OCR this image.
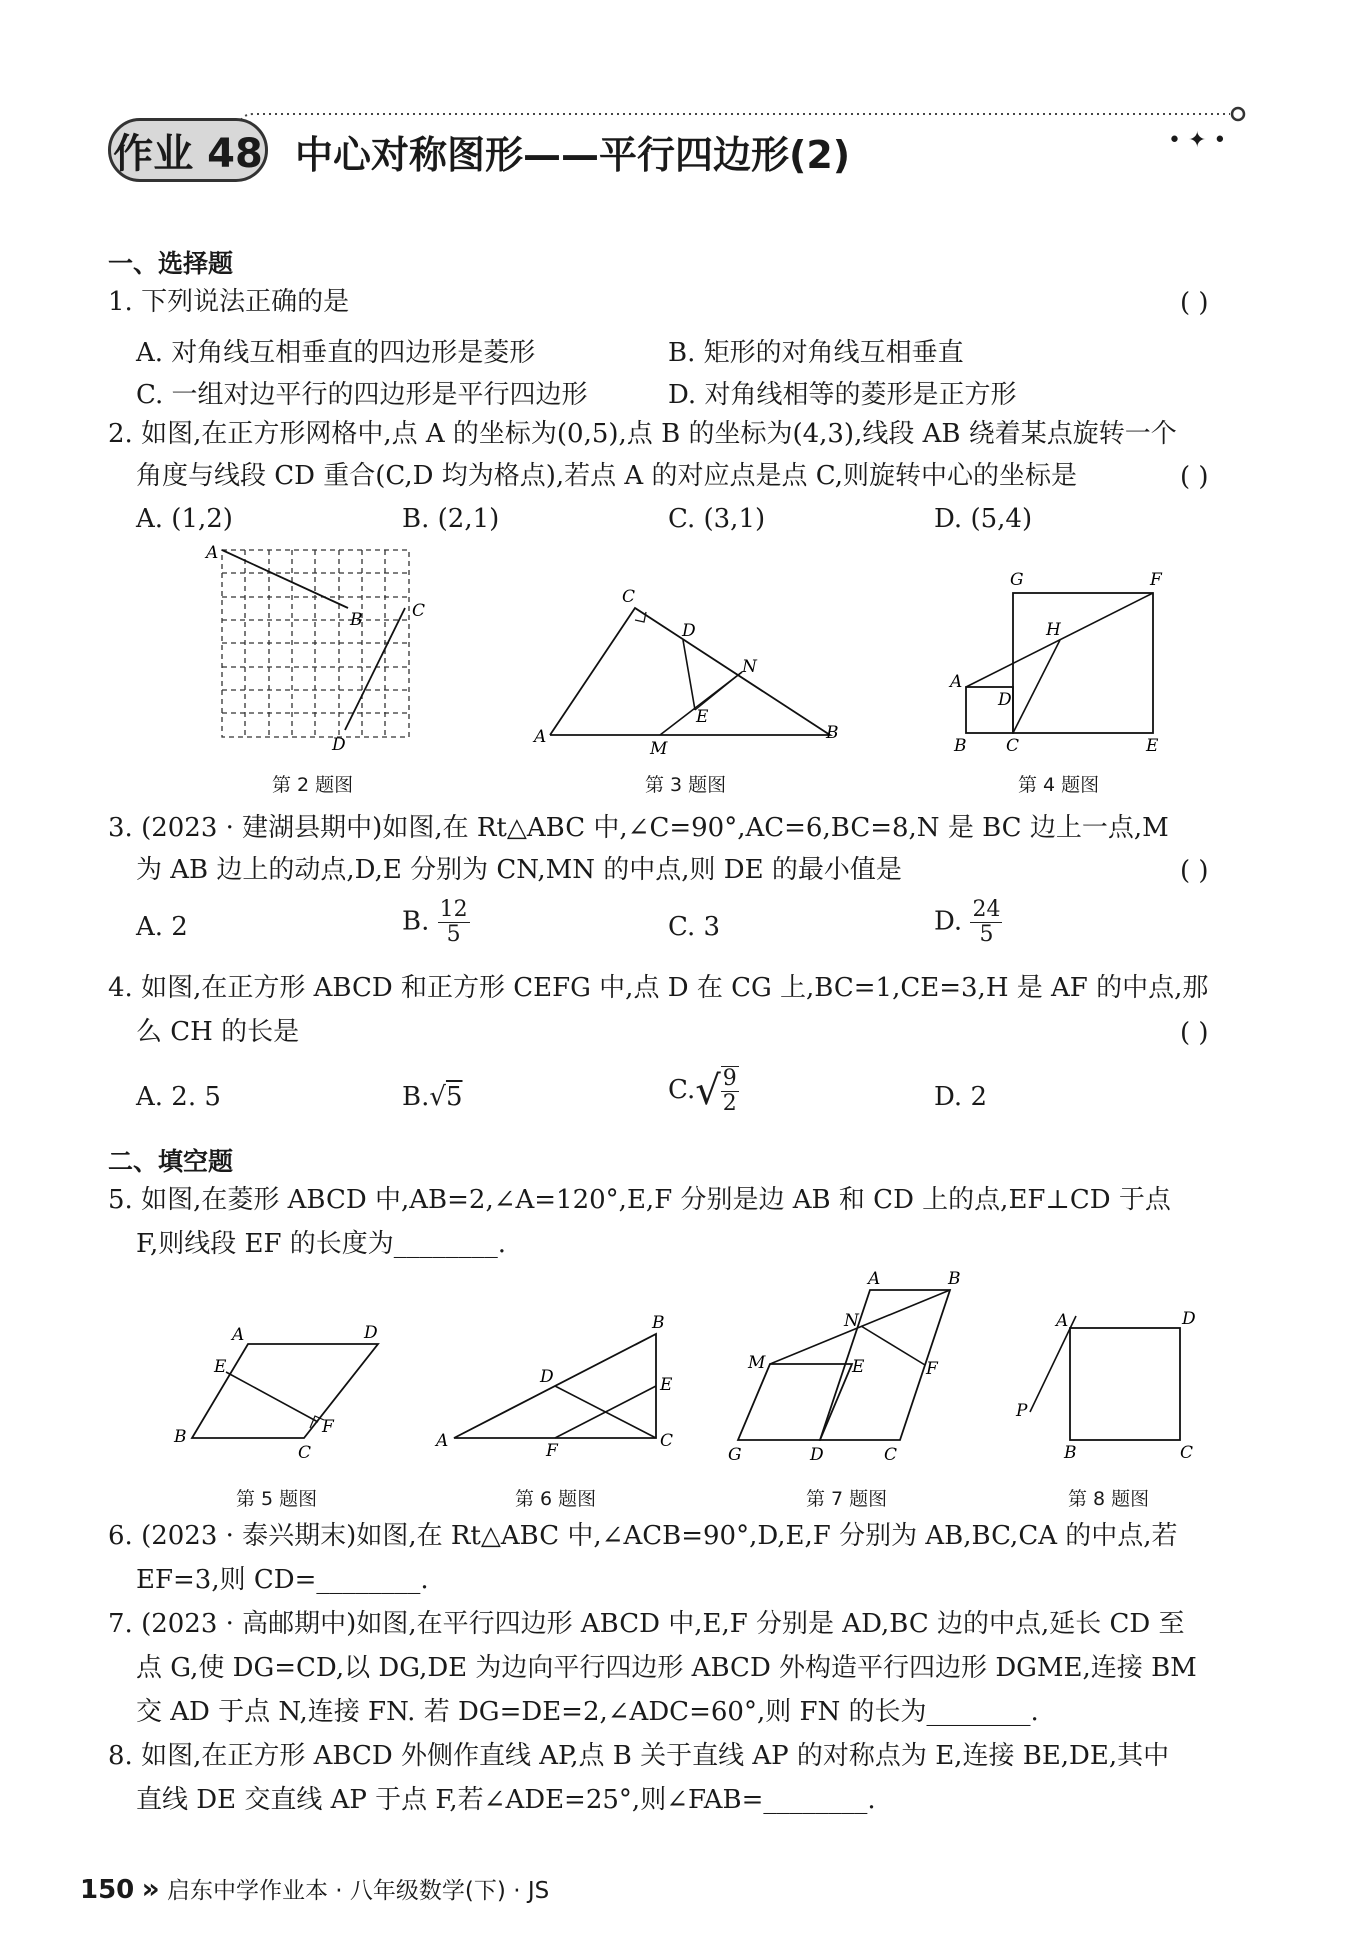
• ✦ •
作业 48 中心对称图形——平行四边形(2)
一、选择题
1. 下列说法正确的是	( )
A. 对角线互相垂直的四边形是菱形	B. 矩形的对角线互相垂直
C. 一组对边平行的四边形是平行四边形	D. 对角线相等的菱形是正方形
2. 如图,在正方形网格中,点 A 的坐标为(0,5),点 B 的坐标为(4,3),线段 AB 绕着某点旋转一个
角度与线段 CD 重合(C,D 均为格点),若点 A 的对应点是点 C,则旋转中心的坐标是	( )
A. (1,2)	B. (2,1)	C. (3,1)	D. (5,4)
A
B	C
D
第 2 题图
C
D
N
E
A
M
B
第 3 题图
G	F
H
A
D
B C	E
第 4 题图
3. (2023 · 建湖县期中)如图,在 Rt△ABC 中,∠C=90°,AC=6,BC=8,N 是 BC 边上一点,M
为 AB 边上的动点,D,E 分别为 CN,MN 的中点,则 DE 的最小值是	( )
A. 2	B. $\frac{12}{5}$	C. 3	D. $\frac{24}{5}$
4. 如图,在正方形 ABCD 和正方形 CEFG 中,点 D 在 CG 上,BC=1,CE=3,H 是 AF 的中点,那
么 CH 的长是	( )
A. 2. 5	B.√5	$C.√ \frac{9}{2}$	D. 2
二、填空题
5. 如图,在菱形 ABCD 中,AB=2,∠A=120°,E,F 分别是边 AB 和 CD 上的点,EF⊥CD 于点
F,则线段 EF 的长度为________.
A	D
E
F
B
C
第 5 题图
B
D	E
A	F	C
第 6 题图
A	B
N
M	E	F
G	D	C
第 7 题图
A	D
P
B	C
第 8 题图
6. (2023 · 泰兴期末)如图,在 Rt△ABC 中,∠ACB=90°,D,E,F 分别为 AB,BC,CA 的中点,若
EF=3,则 CD=________.
7. (2023 · 高邮期中)如图,在平行四边形 ABCD 中,E,F 分别是 AD,BC 边的中点,延长 CD 至
点 G,使 DG=CD,以 DG,DE 为边向平行四边形 ABCD 外构造平行四边形 DGME,连接 BM
交 AD 于点 N,连接 FN. 若 DG=DE=2,∠ADC=60°,则 FN 的长为________.
8. 如图,在正方形 ABCD 外侧作直线 AP,点 B 关于直线 AP 的对称点为 E,连接 BE,DE,其中
直线 DE 交直线 AP 于点 F,若∠ADE=25°,则∠FAB=________.
150 » 启东中学作业本 · 八年级数学(下) · JS
